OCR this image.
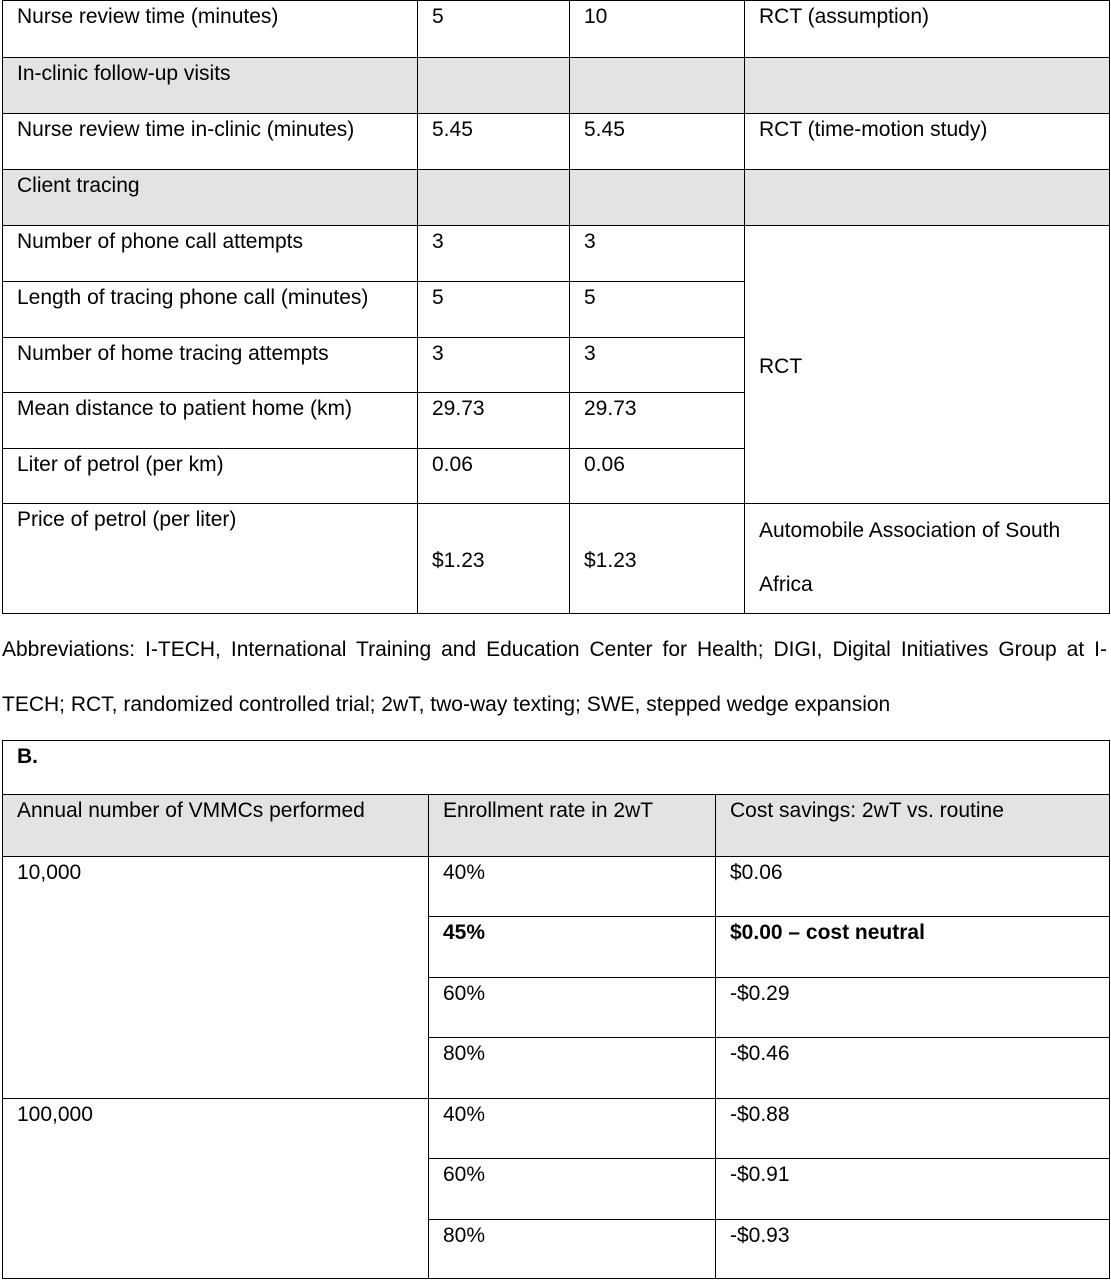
Nurse review time (minutes)	5	10	RCT (assumption)
In-clinic follow-up visits			
Nurse review time in-clinic (minutes)	5.45	5.45	RCT (time-motion study)
Client tracing			
Number of phone call attempts	3	3	RCT
Length of tracing phone call (minutes)	5	5	
Number of home tracing attempts	3	3	
Mean distance to patient home (km)	29.73	29.73	
Liter of petrol (per km)	0.06	0.06	
Price of petrol (per liter)	$1.23	$1.23	Automobile Association of South Africa
Abbreviations: I-TECH, International Training and Education Center for Health; DIGI, Digital Initiatives Group at I-TECH; RCT, randomized controlled trial; 2wT, two-way texting; SWE, stepped wedge expansion
B.		
Annual number of VMMCs performed	Enrollment rate in 2wT	Cost savings: 2wT vs. routine
10,000	40%	$0.06
	45%	$0.00 – cost neutral
	60%	-$0.29
	80%	-$0.46
100,000	40%	-$0.88
	60%	-$0.91
	80%	-$0.93
